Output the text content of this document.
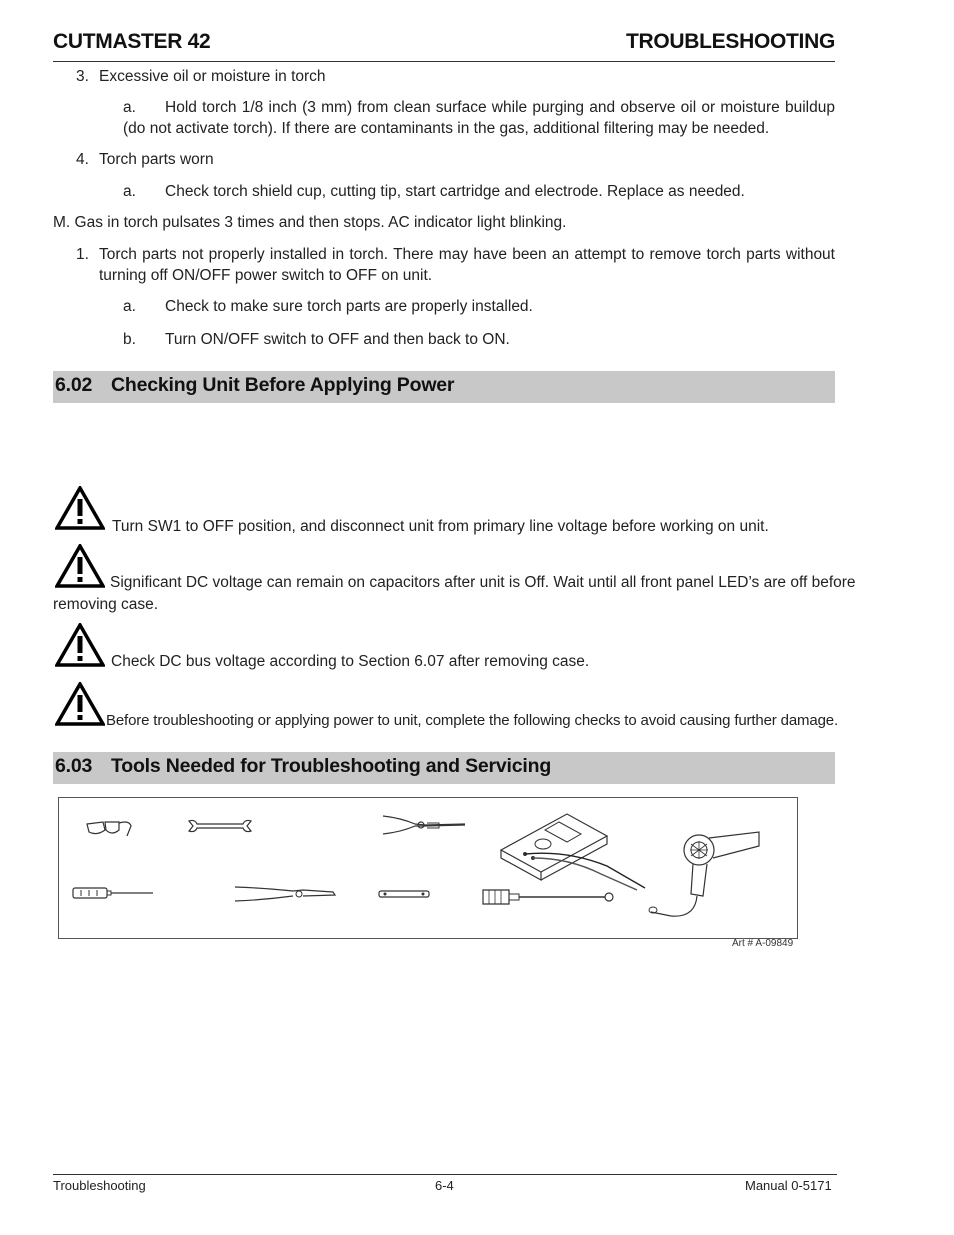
CUTMASTER 42	TROUBLESHOOTING
3. Excessive oil or moisture in torch
a. Hold torch 1/8 inch (3 mm) from clean surface while purging and observe oil or moisture buildup
(do not activate torch). If there are contaminants in the gas, additional filtering may be needed.
4. Torch parts worn
a. Check torch shield cup, cutting tip, start cartridge and electrode. Replace as needed.
M. Gas in torch pulsates 3 times and then stops. AC indicator light blinking.
1. Torch parts not properly installed in torch. There may have been an attempt to remove torch parts without
turning off ON/OFF power switch to OFF on unit.
a. Check to make sure torch parts are properly installed.
b. Turn ON/OFF switch to OFF and then back to ON.
6.02 Checking Unit Before Applying Power
Turn SW1 to OFF position, and disconnect unit from primary line voltage before working on unit.
Significant DC voltage can remain on capacitors after unit is Off. Wait until all front panel LED’s are off before
removing case.
Check DC bus voltage according to Section 6.07 after removing case.
Before troubleshooting or applying power to unit, complete the following checks to avoid causing further damage.
6.03 Tools Needed for Troubleshooting and Servicing
Art # A-09849
Troubleshooting	6-4	Manual 0-5171
